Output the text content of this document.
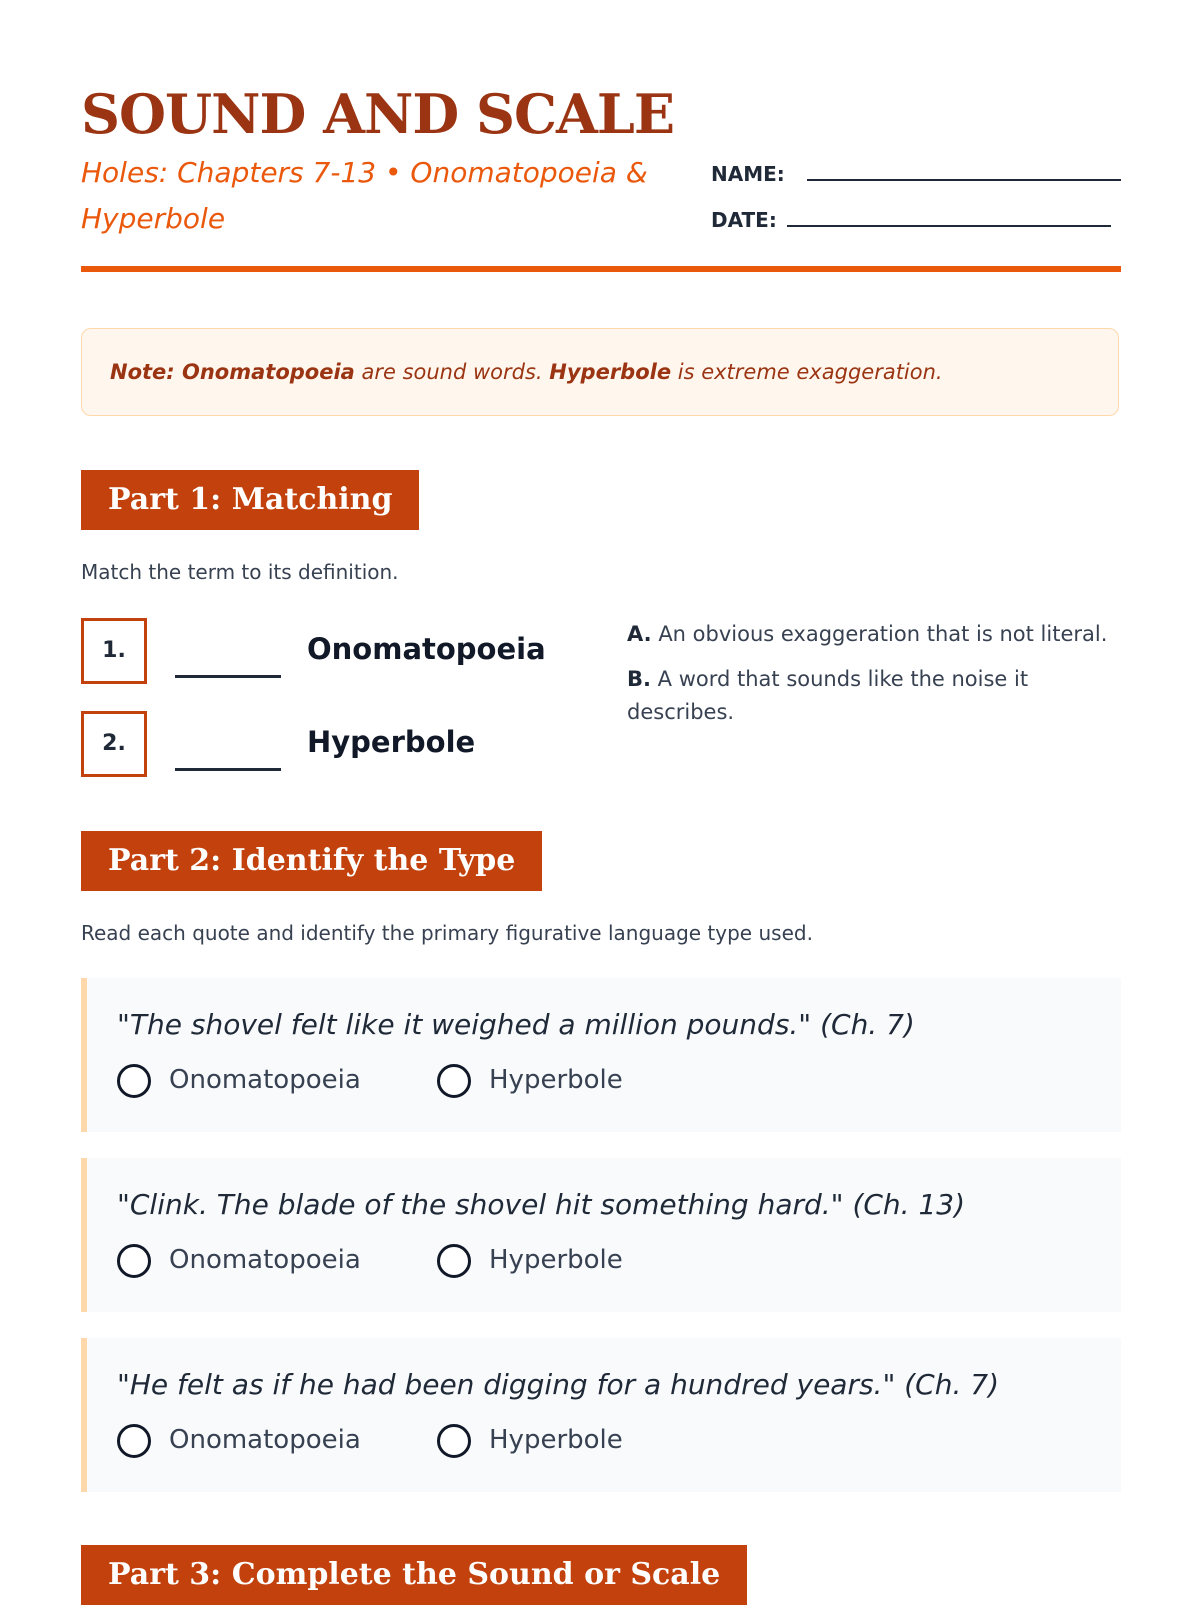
SOUND AND SCALE
Holes: Chapters 7-13 • Onomatopoeia & Hyperbole
NAME:
DATE:
Note: Onomatopoeia are sound words. Hyperbole is extreme exaggeration.
Part 1: Matching
Match the term to its definition.
1.	Onomatopoeia
2.	Hyperbole
A. An obvious exaggeration that is not literal.
B. A word that sounds like the noise it describes.
Part 2: Identify the Type
Read each quote and identify the primary figurative language type used.
"The shovel felt like it weighed a million pounds." (Ch. 7)
Onomatopoeia	Hyperbole
"Clink. The blade of the shovel hit something hard." (Ch. 13)
Onomatopoeia	Hyperbole
"He felt as if he had been digging for a hundred years." (Ch. 7)
Onomatopoeia	Hyperbole
Part 3: Complete the Sound or Scale
